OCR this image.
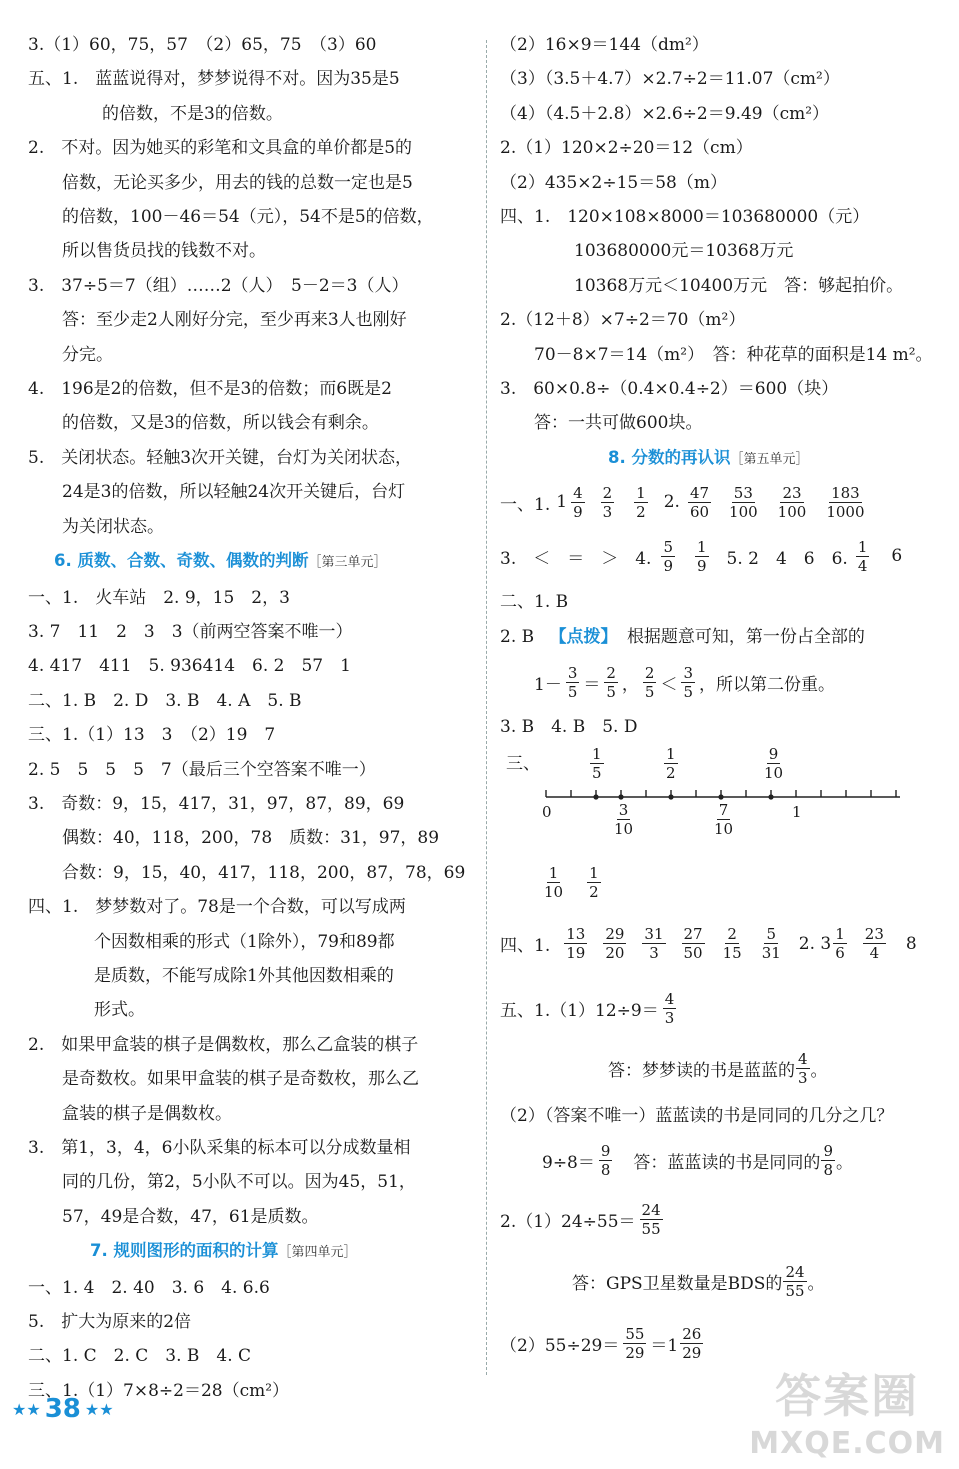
3.（1）60，75，57　（2）65，75　（3）60
五、1.　蓝蓝说得对，梦梦说得不对。因为35是5
的倍数，不是3的倍数。
2.　不对。因为她买的彩笔和文具盒的单价都是5的
倍数，无论买多少，用去的钱的总数一定也是5
的倍数，100－46＝54（元），54不是5的倍数，
所以售货员找的钱数不对。
3.　37÷5＝7（组）……2（人）　5－2＝3（人）
答：至少走2人刚好分完，至少再来3人也刚好
分完。
4.　196是2的倍数，但不是3的倍数；而6既是2
的倍数，又是3的倍数，所以钱会有剩余。
5.　关闭状态。轻触3次开关键，台灯为关闭状态，
24是3的倍数，所以轻触24次开关键后，台灯
为关闭状态。
6. 质数、合数、奇数、偶数的判断［第三单元］
一、1.　火车站　2. 9，15　2，3
3. 7　11　2　3　3（前两空答案不唯一）
4. 417　411　5. 936414　6. 2　57　1
二、1. B　2. D　3. B　4. A　5. B
三、1.（1）13　3　（2）19　7
2. 5　5　5　5　7（最后三个空答案不唯一）
3.　奇数：9，15，417，31，97，87，89，69
偶数：40，118，200，78　质数：31，97，89
合数：9，15，40，417，118，200，87，78，69
四、1.　梦梦数对了。78是一个合数，可以写成两
个因数相乘的形式（1除外），79和89都
是质数，不能写成除1外其他因数相乘的
形式。
2.　如果甲盒装的棋子是偶数枚，那么乙盒装的棋子
是奇数枚。如果甲盒装的棋子是奇数枚，那么乙
盒装的棋子是偶数枚。
3.　第1，3，4，6小队采集的标本可以分成数量相
同的几份，第2，5小队不可以。因为45，51，
57，49是合数，47，61是质数。
7. 规则图形的面积的计算［第四单元］
一、1. 4　2. 40　3. 6　4. 6.6
5.　扩大为原来的2倍
二、1. C　2. C　3. B　4. C
三、1.（1）7×8÷2＝28（cm²）
（2）16×9＝144（dm²）
（3）（3.5＋4.7）×2.7÷2＝11.07（cm²）
（4）（4.5＋2.8）×2.6÷2＝9.49（cm²）
2.（1）120×2÷20＝12（cm）
（2）435×2÷15＝58（m）
四、1.　120×108×8000＝103680000（元）
103680000元＝10368万元
10368万元＜10400万元　答：够起拍价。
2.（12＋8）×7÷2＝70（m²）
70－8×7＝14（m²）　答：种花草的面积是14 m²。
3.　60×0.8÷（0.4×0.4÷2）＝600（块）
答：一共可做600块。
8. 分数的再认识［第五单元］
一、1. 1 4
9
2
3
1
2 2. 47
60
53
100
23
100
183
1000
3.　＜　＝　＞　4.
5
9
1
9 5. 2　4　6　6.
1
4 6
二、1. B
2. B 【点拨】 根据题意可知，第一份占全部的
1－
3
5 ＝
2
5 ，
2
5 ＜
3
5 ，所以第二份重。
3. B　4. B　5. D
三、	1
5
1
2
9
10
0	3
10
7
10
1
1
10
1
2
四、1.
13
19
29
20
31
3
27
50
2
15
5
31 2. 3 1
6
23
4 8
五、1.（1）12÷9＝
4
3
答：梦梦读的书是蓝蓝的
4
3 。
（2）（答案不唯一）蓝蓝读的书是同同的几分之几？
9÷8＝
9
8 　答：蓝蓝读的书是同同的
9
8 。
2.（1）24÷55＝
24
55
答：GPS卫星数量是BDS的
24
55 。
（2）55÷29＝
55
29 ＝1
26
29
★ ★ 38 ★ ★	答案圈
MXQE.COM
